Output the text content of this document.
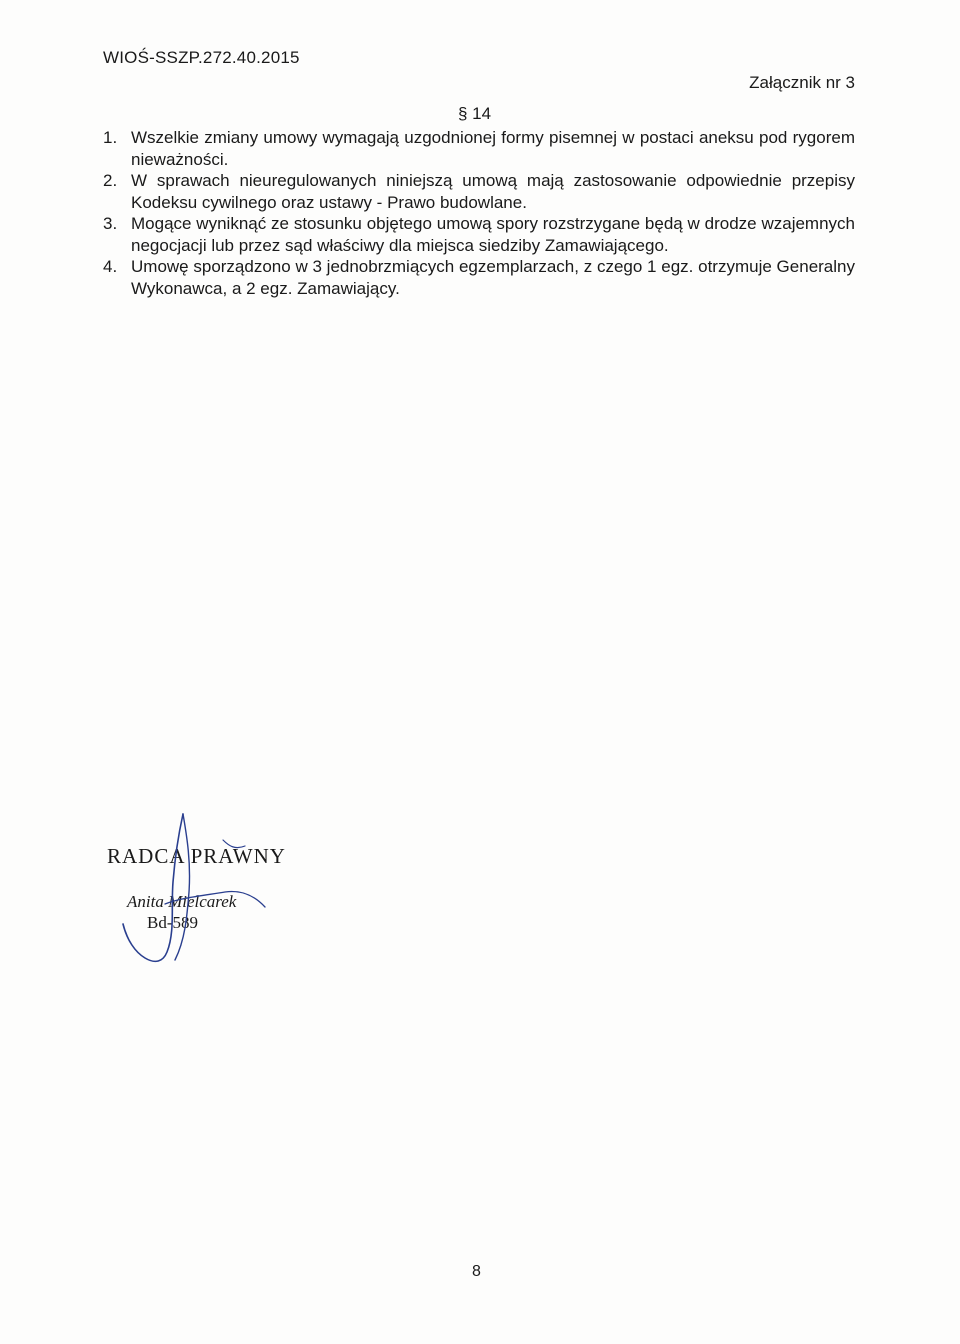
WIOŚ-SSZP.272.40.2015
Załącznik nr 3
§ 14
1. Wszelkie zmiany umowy wymagają uzgodnionej formy pisemnej w postaci aneksu pod rygorem nieważności.
2. W sprawach nieuregulowanych niniejszą umową mają zastosowanie odpowiednie przepisy Kodeksu cywilnego oraz ustawy - Prawo budowlane.
3. Mogące wyniknąć ze stosunku objętego umową spory rozstrzygane będą w drodze wzajemnych negocjacji lub przez sąd właściwy dla miejsca siedziby Zamawiającego.
4. Umowę sporządzono w 3 jednobrzmiących egzemplarzach, z czego 1 egz. otrzymuje Generalny Wykonawca, a 2 egz. Zamawiający.
RADCA PRAWNY
Anita Mielcarek
Bd-589
8
